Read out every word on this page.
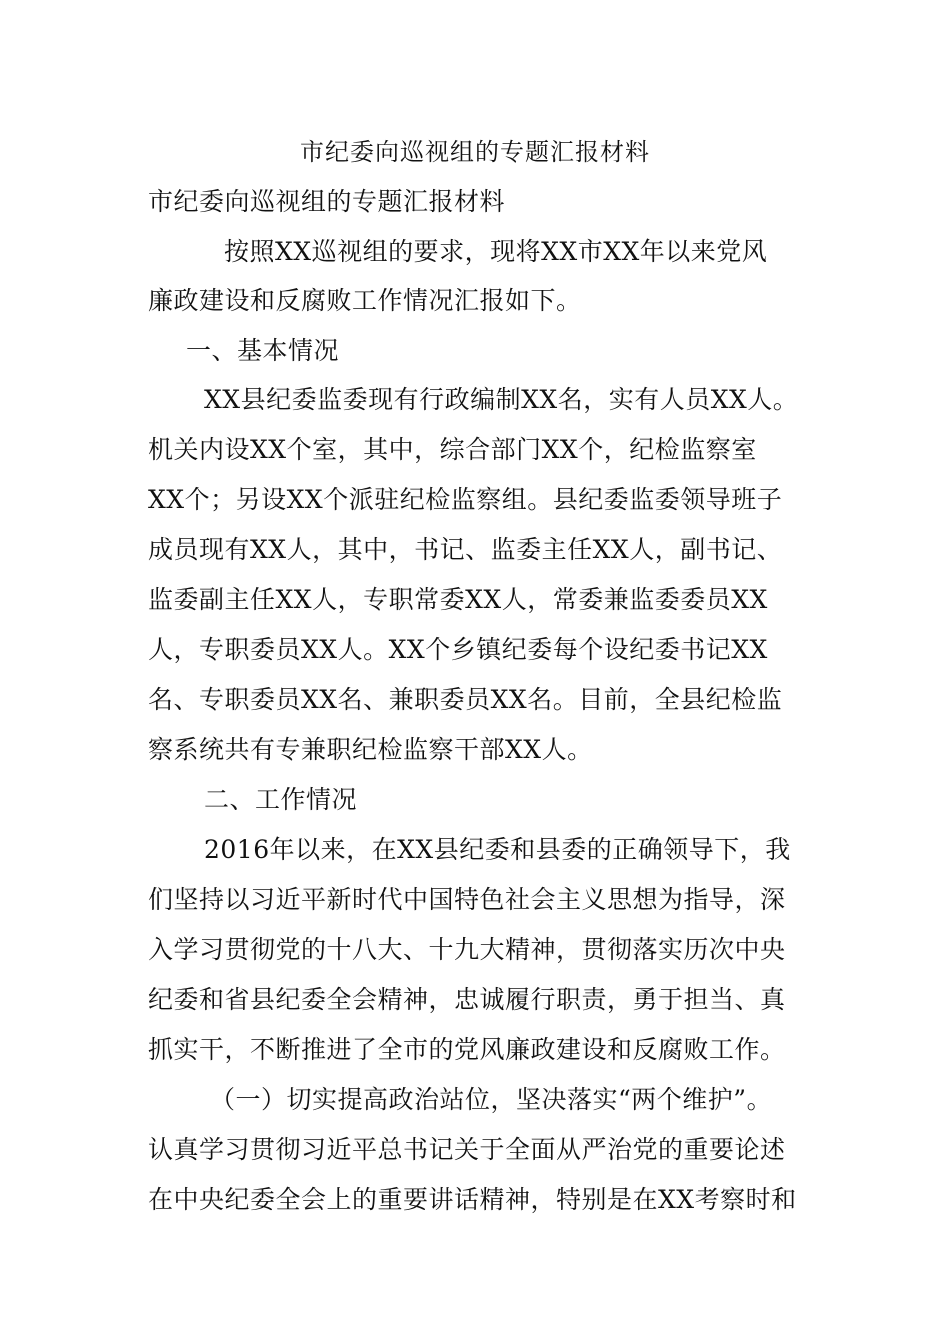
市纪委向巡视组的专题汇报材料
市纪委向巡视组的专题汇报材料
按照XX巡视组的要求，现将XX市XX年以来党风
廉政建设和反腐败工作情况汇报如下。
一、基本情况
XX县纪委监委现有行政编制XX名，实有人员XX人。
机关内设XX个室，其中，综合部门XX个，纪检监察室
XX个；另设XX个派驻纪检监察组。县纪委监委领导班子
成员现有XX人，其中，书记、监委主任XX人，副书记、
监委副主任XX人，专职常委XX人，常委兼监委委员XX
人，专职委员XX人。XX个乡镇纪委每个设纪委书记XX
名、专职委员XX名、兼职委员XX名。目前，全县纪检监
察系统共有专兼职纪检监察干部XX人。
二、工作情况
2016年以来，在XX县纪委和县委的正确领导下，我
们坚持以习近平新时代中国特色社会主义思想为指导，深
入学习贯彻党的十八大、十九大精神，贯彻落实历次中央
纪委和省县纪委全会精神，忠诚履行职责，勇于担当、真
抓实干，不断推进了全市的党风廉政建设和反腐败工作。
（一）切实提高政治站位，坚决落实“两个维护”。
认真学习贯彻习近平总书记关于全面从严治党的重要论述
在中央纪委全会上的重要讲话精神，特别是在XX考察时和
